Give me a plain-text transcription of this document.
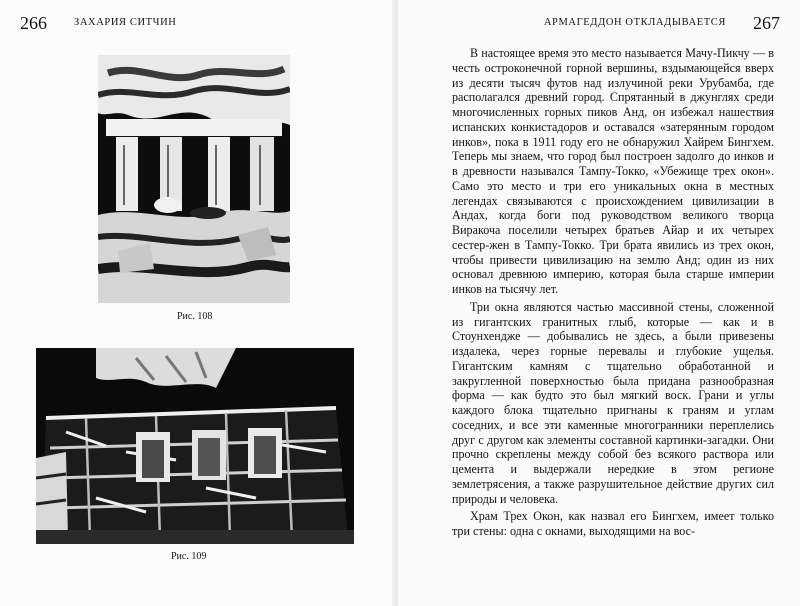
266	ЗАХАРИЯ СИТЧИН
Рис. 108
Рис. 109
АРМАГЕДДОН ОТКЛАДЫВАЕТСЯ 267

В настоящее время это место называется Мачу-Пикчу — в честь остроконечной горной вершины, вздымающейся вверх из десяти тысяч футов над излучиной реки Урубамба, где располагался древний город. Спрятанный в джунглях среди многочисленных горных пиков Анд, он избежал нашествия испанских конкистадоров и оставался «затерянным городом инков», пока в 1911 году его не обнаружил Хайрем Бингхем. Теперь мы знаем, что город был построен задолго до инков и в древности назывался Тампу-Токко, «Убежище трех окон». Само это место и три его уникальных окна в местных легендах связываются с происхождением цивилизации в Андах, когда боги под руководством великого творца Виракоча поселили четырех братьев Айар и их четырех сестер-жен в Тампу-Токко. Три брата явились из трех окон, чтобы привести цивилизацию на землю Анд; один из них основал древнюю империю, которая была старше империи инков на тысячу лет.

Три окна являются частью массивной стены, сложенной из гигантских гранитных глыб, которые — как и в Стоунхендже — добывались не здесь, а были привезены издалека, через горные перевалы и глубокие ущелья. Гигантским камням с тщательно обработанной и закругленной поверхностью была придана разнообразная форма — как будто это был мягкий воск. Грани и углы каждого блока тщательно пригнаны к граням и углам соседних, и все эти каменные многогранники переплелись друг с другом как элементы составной картинки-загадки. Они прочно скреплены между собой без всякого раствора или цемента и выдержали нередкие в этом регионе землетрясения, а также разрушительное действие других сил природы и человека.

Храм Трех Окон, как назвал его Бингхем, имеет только три стены: одна с окнами, выходящими на вос-
